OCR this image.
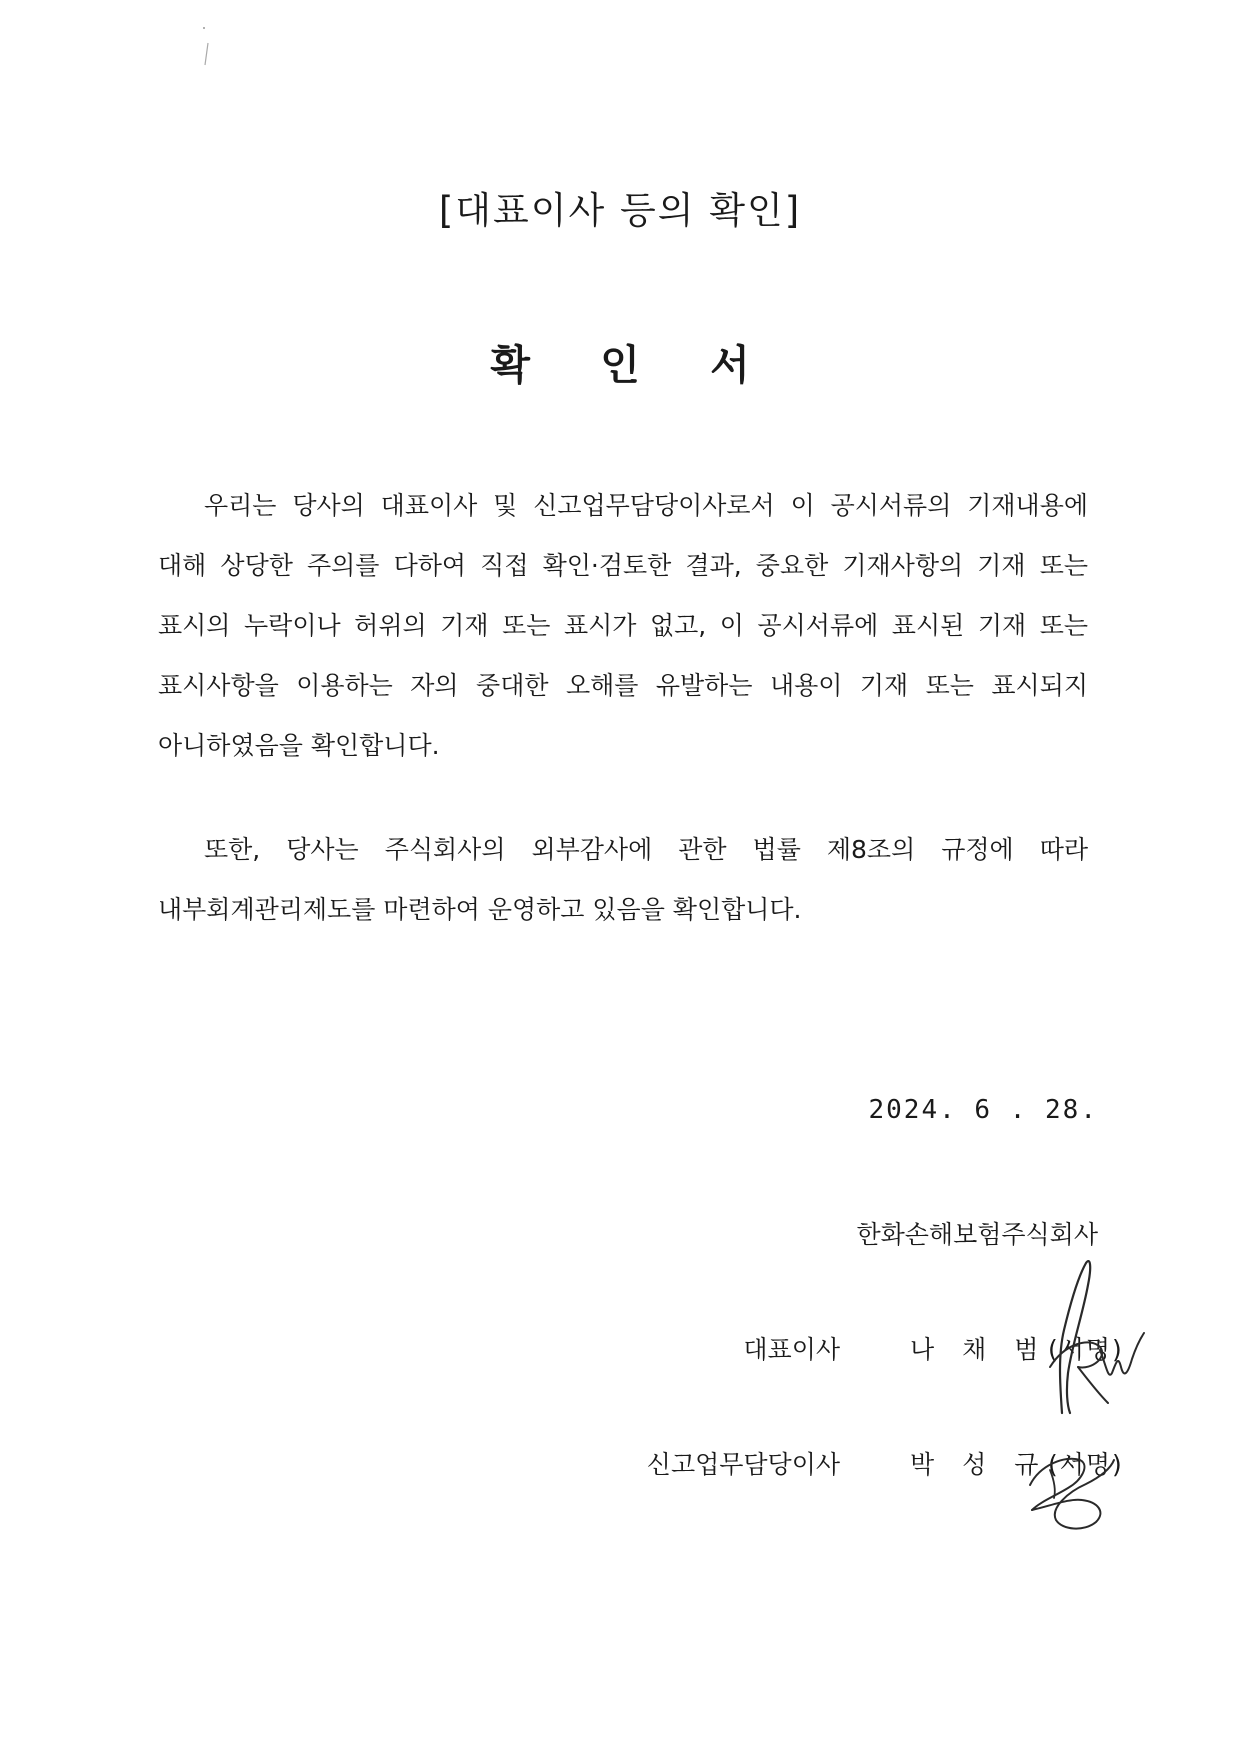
[대표이사 등의 확인]
확 인 서

우리는 당사의 대표이사 및 신고업무담당이사로서 이 공시서류의 기재내용에 대해 상당한 주의를 다하여 직접 확인·검토한 결과, 중요한 기재사항의 기재 또는 표시의 누락이나 허위의 기재 또는 표시가 없고, 이 공시서류에 표시된 기재 또는 표시사항을 이용하는 자의 중대한 오해를 유발하는 내용이 기재 또는 표시되지 아니하였음을 확인합니다.

또한, 당사는 주식회사의 외부감사에 관한 법률 제8조의 규정에 따라 내부회계관리제도를 마련하여 운영하고 있음을 확인합니다.

2024. 6 . 28.
한화손해보험주식회사
대표이사	나 채 범 (서명)
신고업무담당이사	박 성 규 (서명)
